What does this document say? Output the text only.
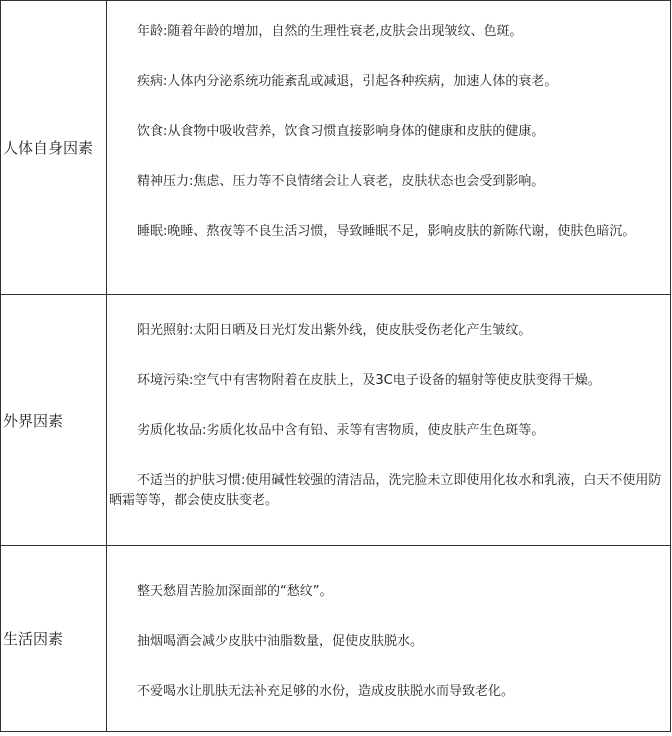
人体自身因素	年龄:随着年龄的增加，自然的生理性衰老,皮肤会出现皱纹、色斑。

疾病:人体内分泌系统功能紊乱或减退，引起各种疾病，加速人体的衰老。

饮食:从食物中吸收营养，饮食习惯直接影响身体的健康和皮肤的健康。

精神压力:焦虑、压力等不良情绪会让人衰老，皮肤状态也会受到影响。

睡眠:晚睡、熬夜等不良生活习惯，导致睡眠不足，影响皮肤的新陈代谢，使肤色暗沉。

外界因素	阳光照射:太阳日晒及日光灯发出紫外线，使皮肤受伤老化产生皱纹。

环境污染:空气中有害物附着在皮肤上，及3C电子设备的辐射等使皮肤变得干燥。

劣质化妆品:劣质化妆品中含有铅、汞等有害物质，使皮肤产生色斑等。

不适当的护肤习惯:使用碱性较强的清洁品，洗完脸未立即使用化妆水和乳液，白天不使用防晒霜等等，都会使皮肤变老。

生活因素	整天愁眉苦脸加深面部的“愁纹”。

抽烟喝酒会减少皮肤中油脂数量，促使皮肤脱水。

不爱喝水让肌肤无法补充足够的水份，造成皮肤脱水而导致老化。
